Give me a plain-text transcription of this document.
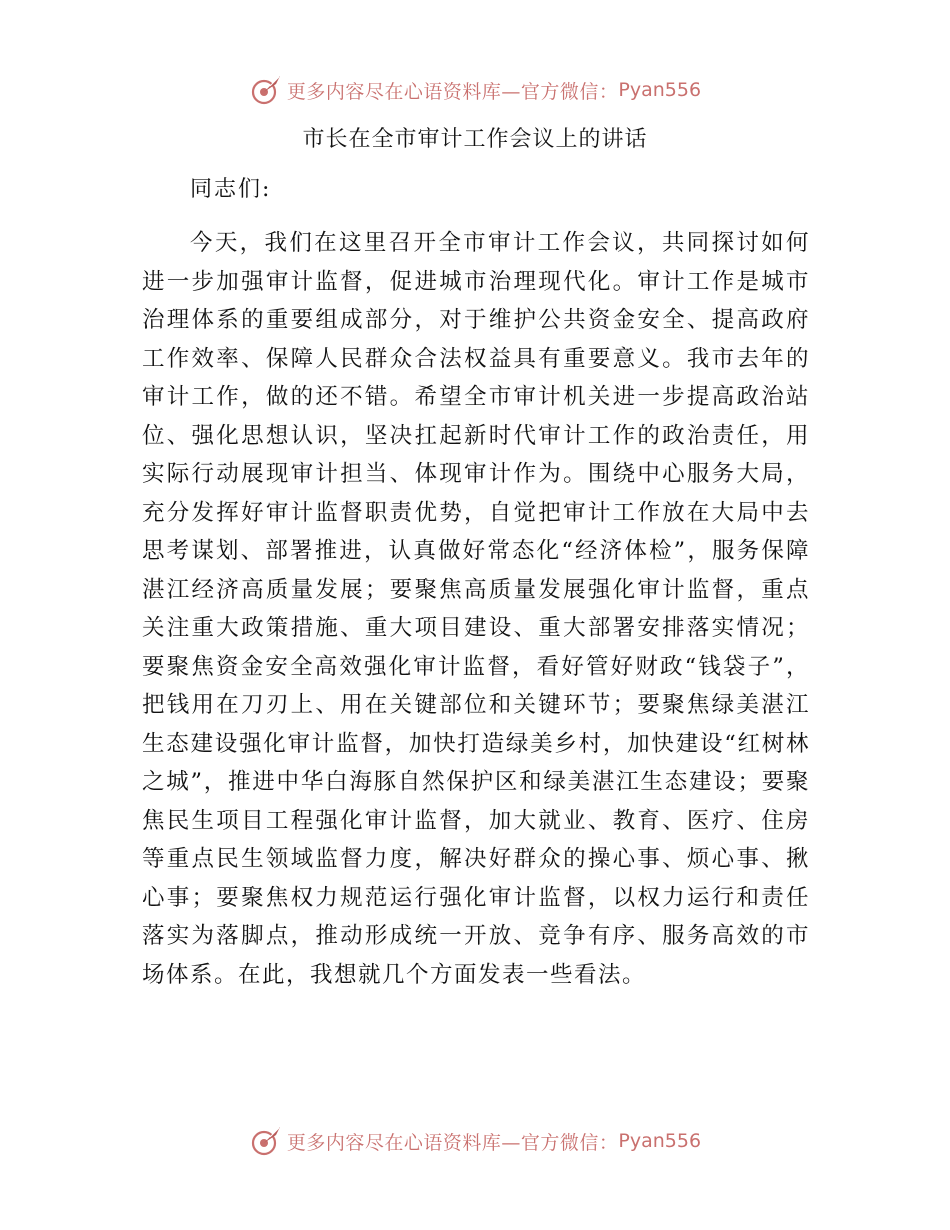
更多内容尽在心语资料库—官方微信： Pyan556
市长在全市审计工作会议上的讲话
同志们:

今天，我们在这里召开全市审计工作会议，共同探讨如何进一步加强审计监督，促进城市治理现代化。审计工作是城市治理体系的重要组成部分，对于维护公共资金安全、提高政府工作效率、保障人民群众合法权益具有重要意义。我市去年的审计工作，做的还不错。希望全市审计机关进一步提高政治站位、强化思想认识，坚决扛起新时代审计工作的政治责任，用实际行动展现审计担当、体现审计作为。围绕中心服务大局，充分发挥好审计监督职责优势，自觉把审计工作放在大局中去思考谋划、部署推进，认真做好常态化“经济体检”，服务保障湛江经济高质量发展；要聚焦高质量发展强化审计监督，重点关注重大政策措施、重大项目建设、重大部署安排落实情况；要聚焦资金安全高效强化审计监督，看好管好财政“钱袋子”，把钱用在刀刃上、用在关键部位和关键环节；要聚焦绿美湛江生态建设强化审计监督，加快打造绿美乡村，加快建设“红树林之城”，推进中华白海豚自然保护区和绿美湛江生态建设；要聚焦民生项目工程强化审计监督，加大就业、教育、医疗、住房等重点民生领域监督力度，解决好群众的操心事、烦心事、揪心事；要聚焦权力规范运行强化审计监督，以权力运行和责任落实为落脚点，推动形成统一开放、竞争有序、服务高效的市场体系。在此，我想就几个方面发表一些看法。

更多内容尽在心语资料库—官方微信： Pyan556
